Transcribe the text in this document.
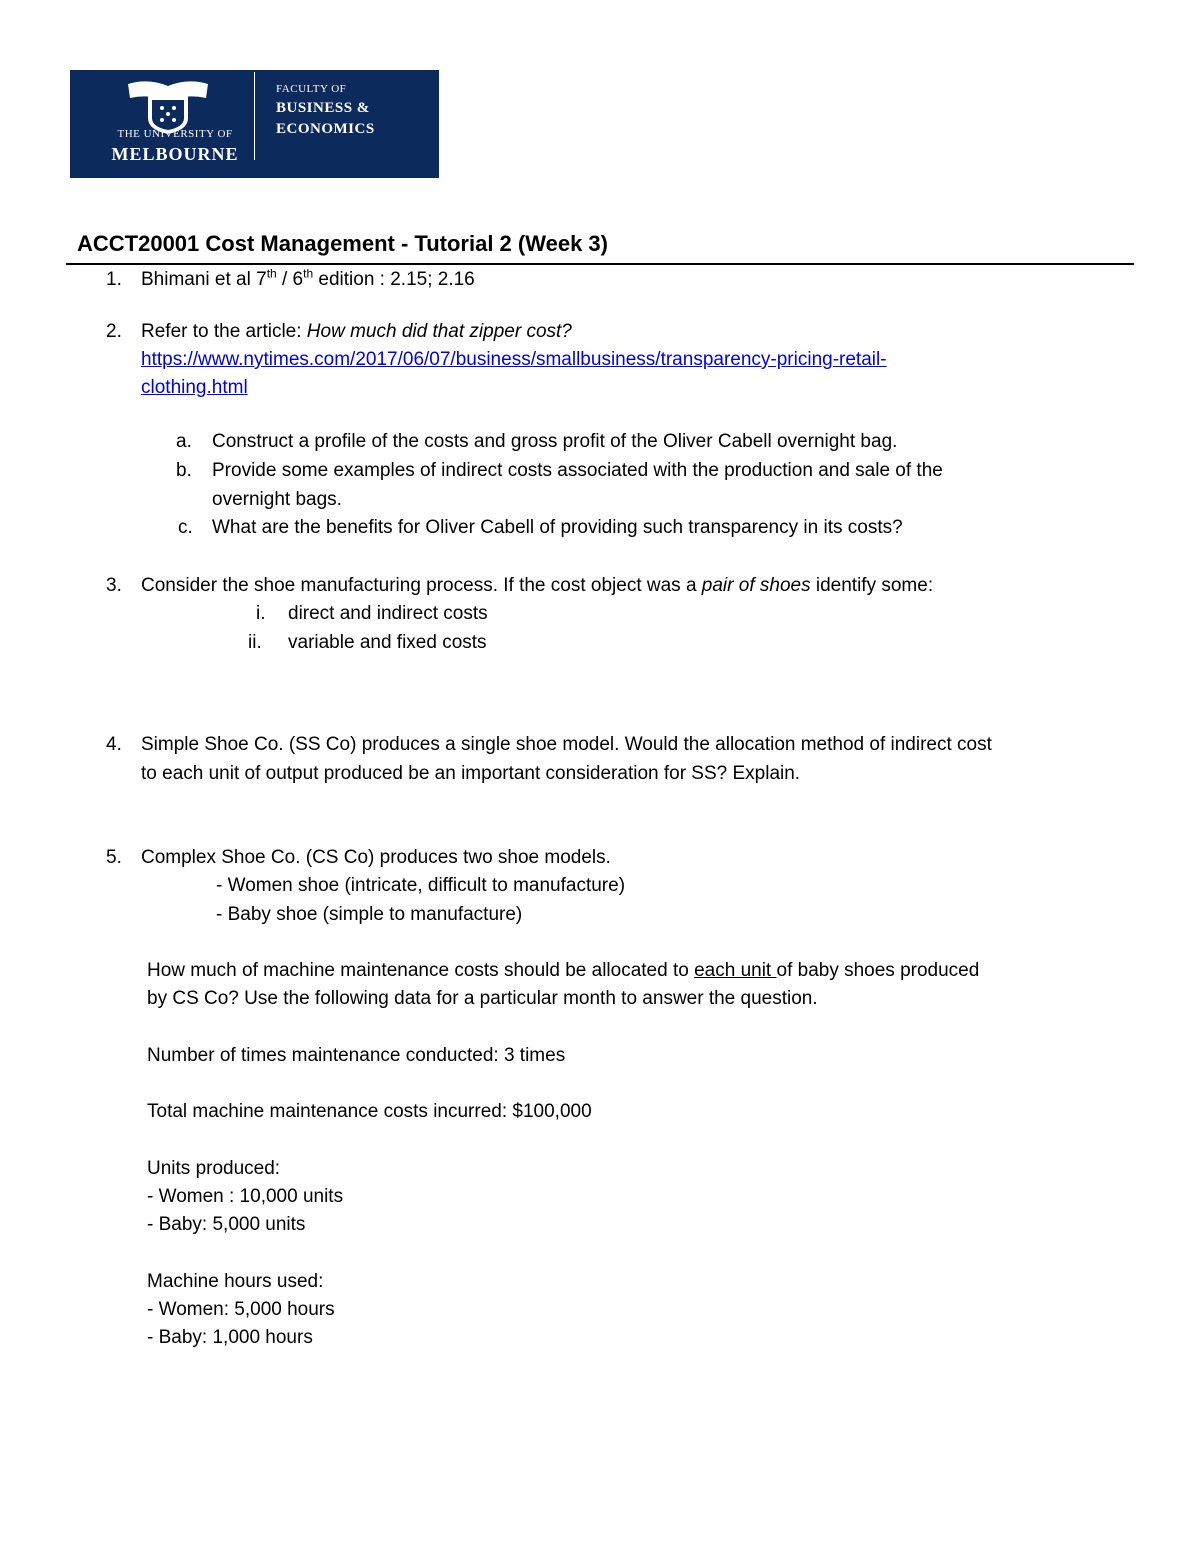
THE UNIVERSITY OF
MELBOURNE
FACULTY OF
BUSINESS &
ECONOMICS
ACCT20001 Cost Management - Tutorial 2 (Week 3)
1. Bhimani et al 7th / 6th edition : 2.15; 2.16
2. Refer to the article: How much did that zipper cost?
https://www.nytimes.com/2017/06/07/business/smallbusiness/transparency-pricing-retail-
clothing.html
a. Construct a profile of the costs and gross profit of the Oliver Cabell overnight bag.
b. Provide some examples of indirect costs associated with the production and sale of the
overnight bags.
c. What are the benefits for Oliver Cabell of providing such transparency in its costs?
3. Consider the shoe manufacturing process. If the cost object was a pair of shoes identify some:
i. direct and indirect costs
ii. variable and fixed costs
4. Simple Shoe Co. (SS Co) produces a single shoe model. Would the allocation method of indirect cost
to each unit of output produced be an important consideration for SS? Explain.
5. Complex Shoe Co. (CS Co) produces two shoe models.
- Women shoe (intricate, difficult to manufacture)
- Baby shoe (simple to manufacture)
How much of machine maintenance costs should be allocated to each unit of baby shoes produced
by CS Co? Use the following data for a particular month to answer the question.
Number of times maintenance conducted: 3 times
Total machine maintenance costs incurred: $100,000
Units produced:
- Women : 10,000 units
- Baby: 5,000 units
Machine hours used:
- Women: 5,000 hours
- Baby: 1,000 hours
